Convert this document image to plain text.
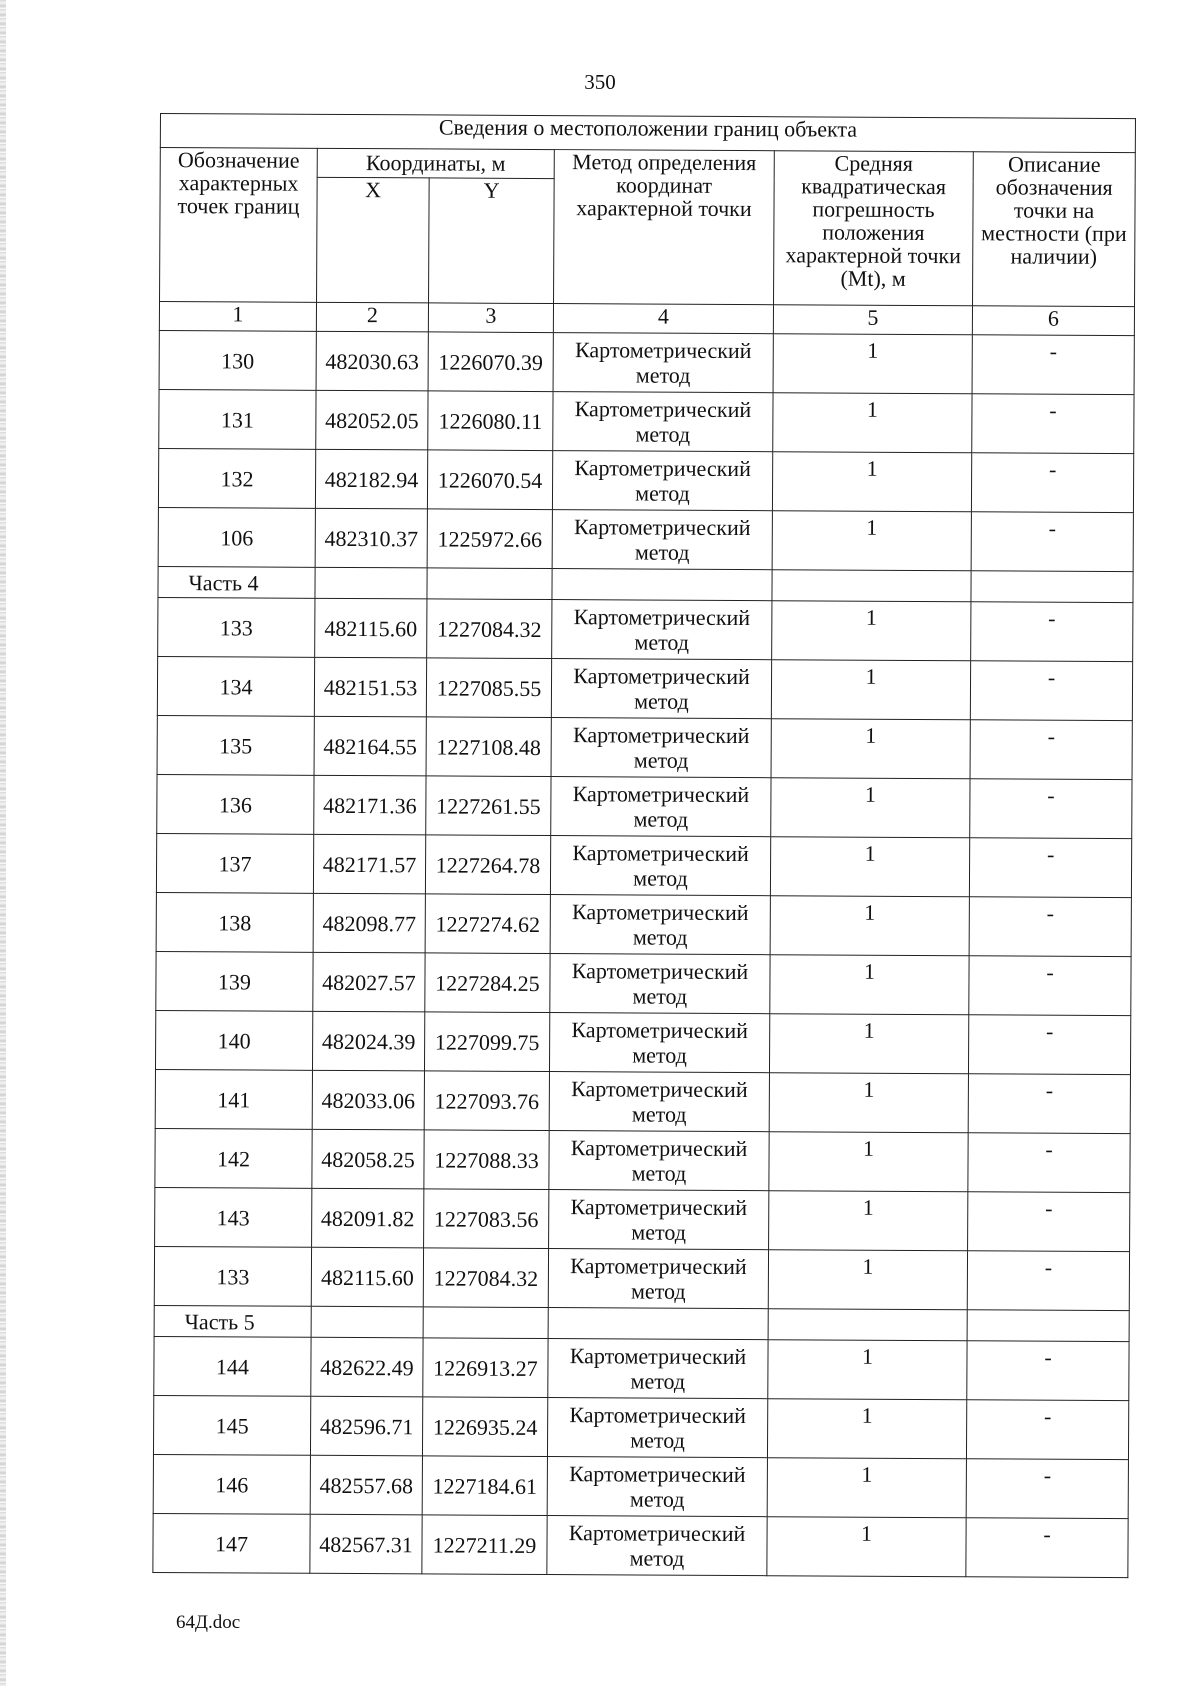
350
Сведения о местоположении границ объекта					
Обозначение характерных точек границ	Координаты, м		Метод определения координат характерной точки	Средняя квадратическая погрешность положения характерной точки (Mt), м	Описание обозначения точки на местности (при наличии)
	X	Y			
1	2	3	4	5	6
130	482030.63	1226070.39	Картометрический метод	1	-
131	482052.05	1226080.11	Картометрический метод	1	-
132	482182.94	1226070.54	Картометрический метод	1	-
106	482310.37	1225972.66	Картометрический метод	1	-
Часть 4					
133	482115.60	1227084.32	Картометрический метод	1	-
134	482151.53	1227085.55	Картометрический метод	1	-
135	482164.55	1227108.48	Картометрический метод	1	-
136	482171.36	1227261.55	Картометрический метод	1	-
137	482171.57	1227264.78	Картометрический метод	1	-
138	482098.77	1227274.62	Картометрический метод	1	-
139	482027.57	1227284.25	Картометрический метод	1	-
140	482024.39	1227099.75	Картометрический метод	1	-
141	482033.06	1227093.76	Картометрический метод	1	-
142	482058.25	1227088.33	Картометрический метод	1	-
143	482091.82	1227083.56	Картометрический метод	1	-
133	482115.60	1227084.32	Картометрический метод	1	-
Часть 5					
144	482622.49	1226913.27	Картометрический метод	1	-
145	482596.71	1226935.24	Картометрический метод	1	-
146	482557.68	1227184.61	Картометрический метод	1	-
147	482567.31	1227211.29	Картометрический метод	1	-
64Д.doc
